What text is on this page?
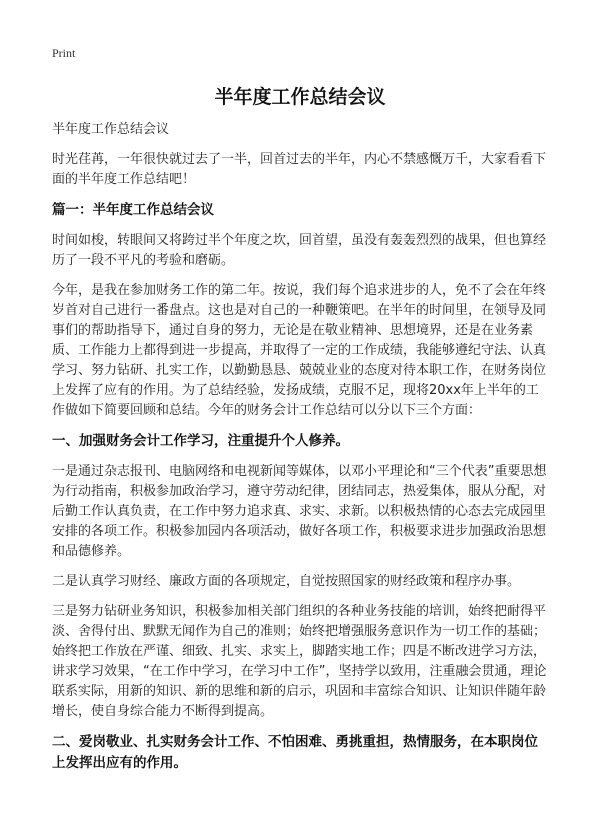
Print
半年度工作总结会议

半年度工作总结会议

时光荏苒，一年很快就过去了一半，回首过去的半年，内心不禁感慨万千，大家看看下面的半年度工作总结吧！

篇一：半年度工作总结会议

时间如梭，转眼间又将跨过半个年度之坎，回首望，虽没有轰轰烈烈的战果，但也算经历了一段不平凡的考验和磨砺。

今年，是我在参加财务工作的第二年。按说，我们每个追求进步的人，免不了会在年终岁首对自己进行一番盘点。这也是对自己的一种鞭策吧。在半年的时间里，在领导及同事们的帮助指导下，通过自身的努力，无论是在敬业精神、思想境界，还是在业务素质、工作能力上都得到进一步提高，并取得了一定的工作成绩，我能够遵纪守法、认真学习、努力钻研、扎实工作，以勤勤恳恳、兢兢业业的态度对待本职工作，在财务岗位上发挥了应有的作用。为了总结经验，发扬成绩，克服不足，现将20xx年上半年的工作做如下简要回顾和总结。今年的财务会计工作总结可以分以下三个方面：

一、加强财务会计工作学习，注重提升个人修养。

一是通过杂志报刊、电脑网络和电视新闻等媒体，以邓小平理论和“三个代表”重要思想为行动指南，积极参加政治学习，遵守劳动纪律，团结同志，热爱集体，服从分配，对后勤工作认真负责，在工作中努力追求真、求实、求新。以积极热情的心态去完成园里安排的各项工作。积极参加园内各项活动，做好各项工作，积极要求进步加强政治思想和品德修养。

二是认真学习财经、廉政方面的各项规定，自觉按照国家的财经政策和程序办事。

三是努力钻研业务知识，积极参加相关部门组织的各种业务技能的培训，始终把耐得平淡、舍得付出、默默无闻作为自己的准则；始终把增强服务意识作为一切工作的基础；始终把工作放在严谨、细致、扎实、求实上，脚踏实地工作；四是不断改进学习方法，讲求学习效果，“在工作中学习，在学习中工作”，坚持学以致用，注重融会贯通，理论联系实际，用新的知识、新的思维和新的启示，巩固和丰富综合知识、让知识伴随年龄增长，使自身综合能力不断得到提高。

二、爱岗敬业、扎实财务会计工作、不怕困难、勇挑重担，热情服务，在本职岗位上发挥出应有的作用。
